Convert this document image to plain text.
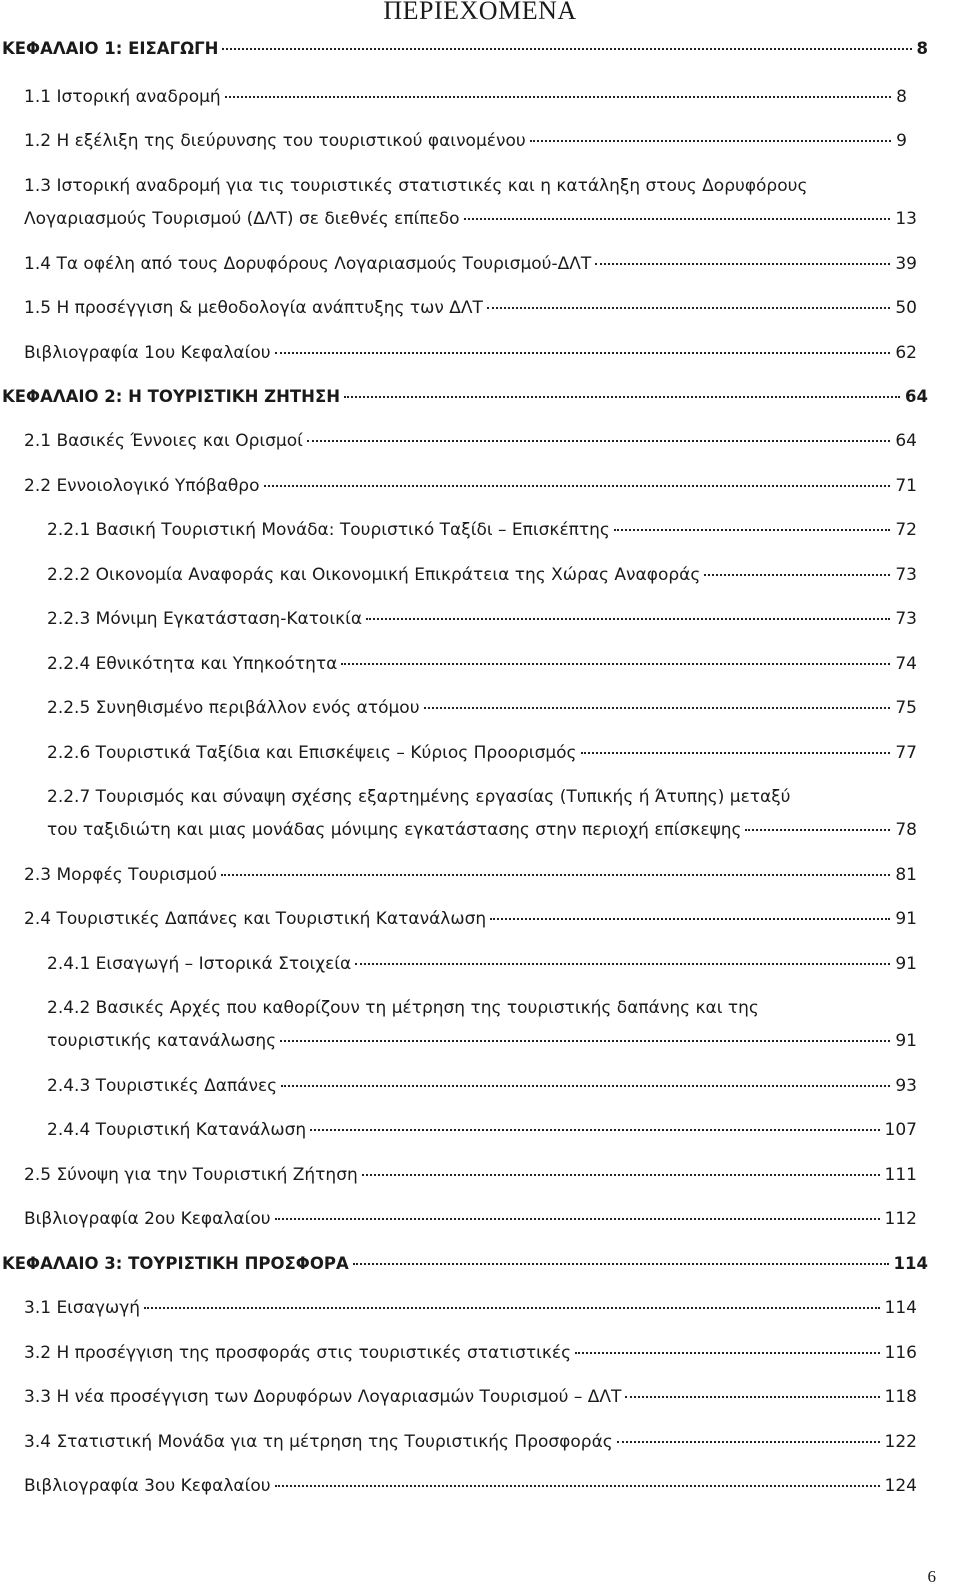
ΠΕΡΙΕΧΟΜΕΝΑ
ΚΕΦΑΛΑΙΟ 1: ΕΙΣΑΓΩΓΗ	8
1.1 Ιστορική αναδρομή	8
1.2 Η εξέλιξη της διεύρυνσης του τουριστικού φαινομένου	9
1.3 Ιστορική αναδρομή για τις τουριστικές στατιστικές και η κατάληξη στους Δορυφόρους
Λογαριασμούς Τουρισμού (ΔΛΤ) σε διεθνές επίπεδο	13
1.4 Τα οφέλη από τους Δορυφόρους Λογαριασμούς Τουρισμού-ΔΛΤ	39
1.5 Η προσέγγιση & μεθοδολογία ανάπτυξης των ΔΛΤ	50
Βιβλιογραφία 1ου Κεφαλαίου	62
ΚΕΦΑΛΑΙΟ 2: Η ΤΟΥΡΙΣΤΙΚΗ ΖΗΤΗΣΗ	64
2.1 Βασικές Έννοιες και Ορισμοί	64
2.2 Εννοιολογικό Υπόβαθρο	71
2.2.1 Βασική Τουριστική Μονάδα: Τουριστικό Ταξίδι – Επισκέπτης	72
2.2.2 Οικονομία Αναφοράς και Οικονομική Επικράτεια της Χώρας Αναφοράς	73
2.2.3 Μόνιμη Εγκατάσταση-Κατοικία	73
2.2.4 Εθνικότητα και Υπηκοότητα	74
2.2.5 Συνηθισμένο περιβάλλον ενός ατόμου	75
2.2.6 Τουριστικά Ταξίδια και Επισκέψεις – Κύριος Προορισμός	77
2.2.7 Τουρισμός και σύναψη σχέσης εξαρτημένης εργασίας (Τυπικής ή Άτυπης) μεταξύ
του ταξιδιώτη και μιας μονάδας μόνιμης εγκατάστασης στην περιοχή επίσκεψης	78
2.3 Μορφές Τουρισμού	81
2.4 Τουριστικές Δαπάνες και Τουριστική Κατανάλωση	91
2.4.1 Εισαγωγή – Ιστορικά Στοιχεία	91
2.4.2 Βασικές Αρχές που καθορίζουν τη μέτρηση της τουριστικής δαπάνης και της
τουριστικής κατανάλωσης	91
2.4.3 Τουριστικές Δαπάνες	93
2.4.4 Τουριστική Κατανάλωση	107
2.5 Σύνοψη για την Τουριστική Ζήτηση	111
Βιβλιογραφία 2ου Κεφαλαίου	112
ΚΕΦΑΛΑΙΟ 3: ΤΟΥΡΙΣΤΙΚΗ ΠΡΟΣΦΟΡΑ	114
3.1 Εισαγωγή	114
3.2 Η προσέγγιση της προσφοράς στις τουριστικές στατιστικές	116
3.3 Η νέα προσέγγιση των Δορυφόρων Λογαριασμών Τουρισμού – ΔΛΤ	118
3.4 Στατιστική Μονάδα για τη μέτρηση της Τουριστικής Προσφοράς	122
Βιβλιογραφία 3ου Κεφαλαίου	124
6
